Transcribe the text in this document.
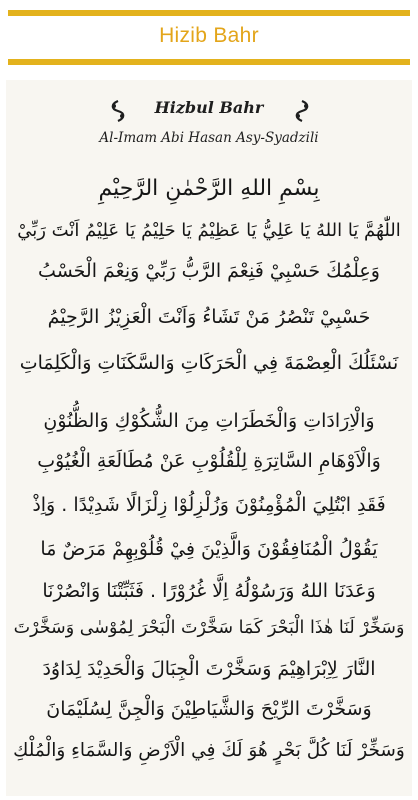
Hizib Bahr
Hizbul Bahr
Al-Imam Abi Hasan Asy-Syadzili
بِسْمِ اللهِ الرَّحْمٰنِ الرَّحِيْمِ
اللّٰهُمَّ يَا اللهُ يَا عَلِيُّ يَا عَظِيْمُ يَا حَلِيْمُ يَا عَلِيْمُ اَنْتَ رَبِّيْ
وَعِلْمُكَ حَسْبِيْ فَنِعْمَ الرَّبُّ رَبِّيْ وَنِعْمَ الْحَسْبُ
حَسْبِيْ تَنْصُرُ مَنْ تَشَاءُ وَاَنْتَ الْعَزِيْزُ الرَّحِيْمُ
نَسْئَلُكَ الْعِصْمَةَ فِي الْحَرَكَاتِ وَالسَّكَنَاتِ وَالْكَلِمَاتِ
وَالْاِرَادَاتِ وَالْخَطَرَاتِ مِنَ الشُّكُوْكِ وَالظُّنُوْنِ
وَالْاَوْهَامِ السَّاتِرَةِ لِلْقُلُوْبِ عَنْ مُطَالَعَةِ الْغُيُوْبِ
فَقَدِ ابْتُلِيَ الْمُؤْمِنُوْنَ وَزُلْزِلُوْا زِلْزَالًا شَدِيْدًا . وَاِذْ
يَقُوْلُ الْمُنَافِقُوْنَ وَالَّذِيْنَ فِيْ قُلُوْبِهِمْ مَرَضٌ مَا
وَعَدَنَا اللهُ وَرَسُوْلُهُ اِلَّا غُرُوْرًا . فَثَبِّتْنَا وَانْصُرْنَا
وَسَخِّرْ لَنَا هٰذَا الْبَحْرَ كَمَا سَخَّرْتَ الْبَحْرَ لِمُوْسٰى وَسَخَّرْتَ
النَّارَ لِاِبْرَاهِيْمَ وَسَخَّرْتَ الْجِبَالَ وَالْحَدِيْدَ لِدَاوُدَ
وَسَخَّرْتَ الرِّيْحَ وَالشَّيَاطِيْنَ وَالْجِنَّ لِسُلَيْمَانَ
وَسَخِّرْ لَنَا كُلَّ بَحْرٍ هُوَ لَكَ فِي الْاَرْضِ وَالسَّمَاءِ وَالْمُلْكِ
